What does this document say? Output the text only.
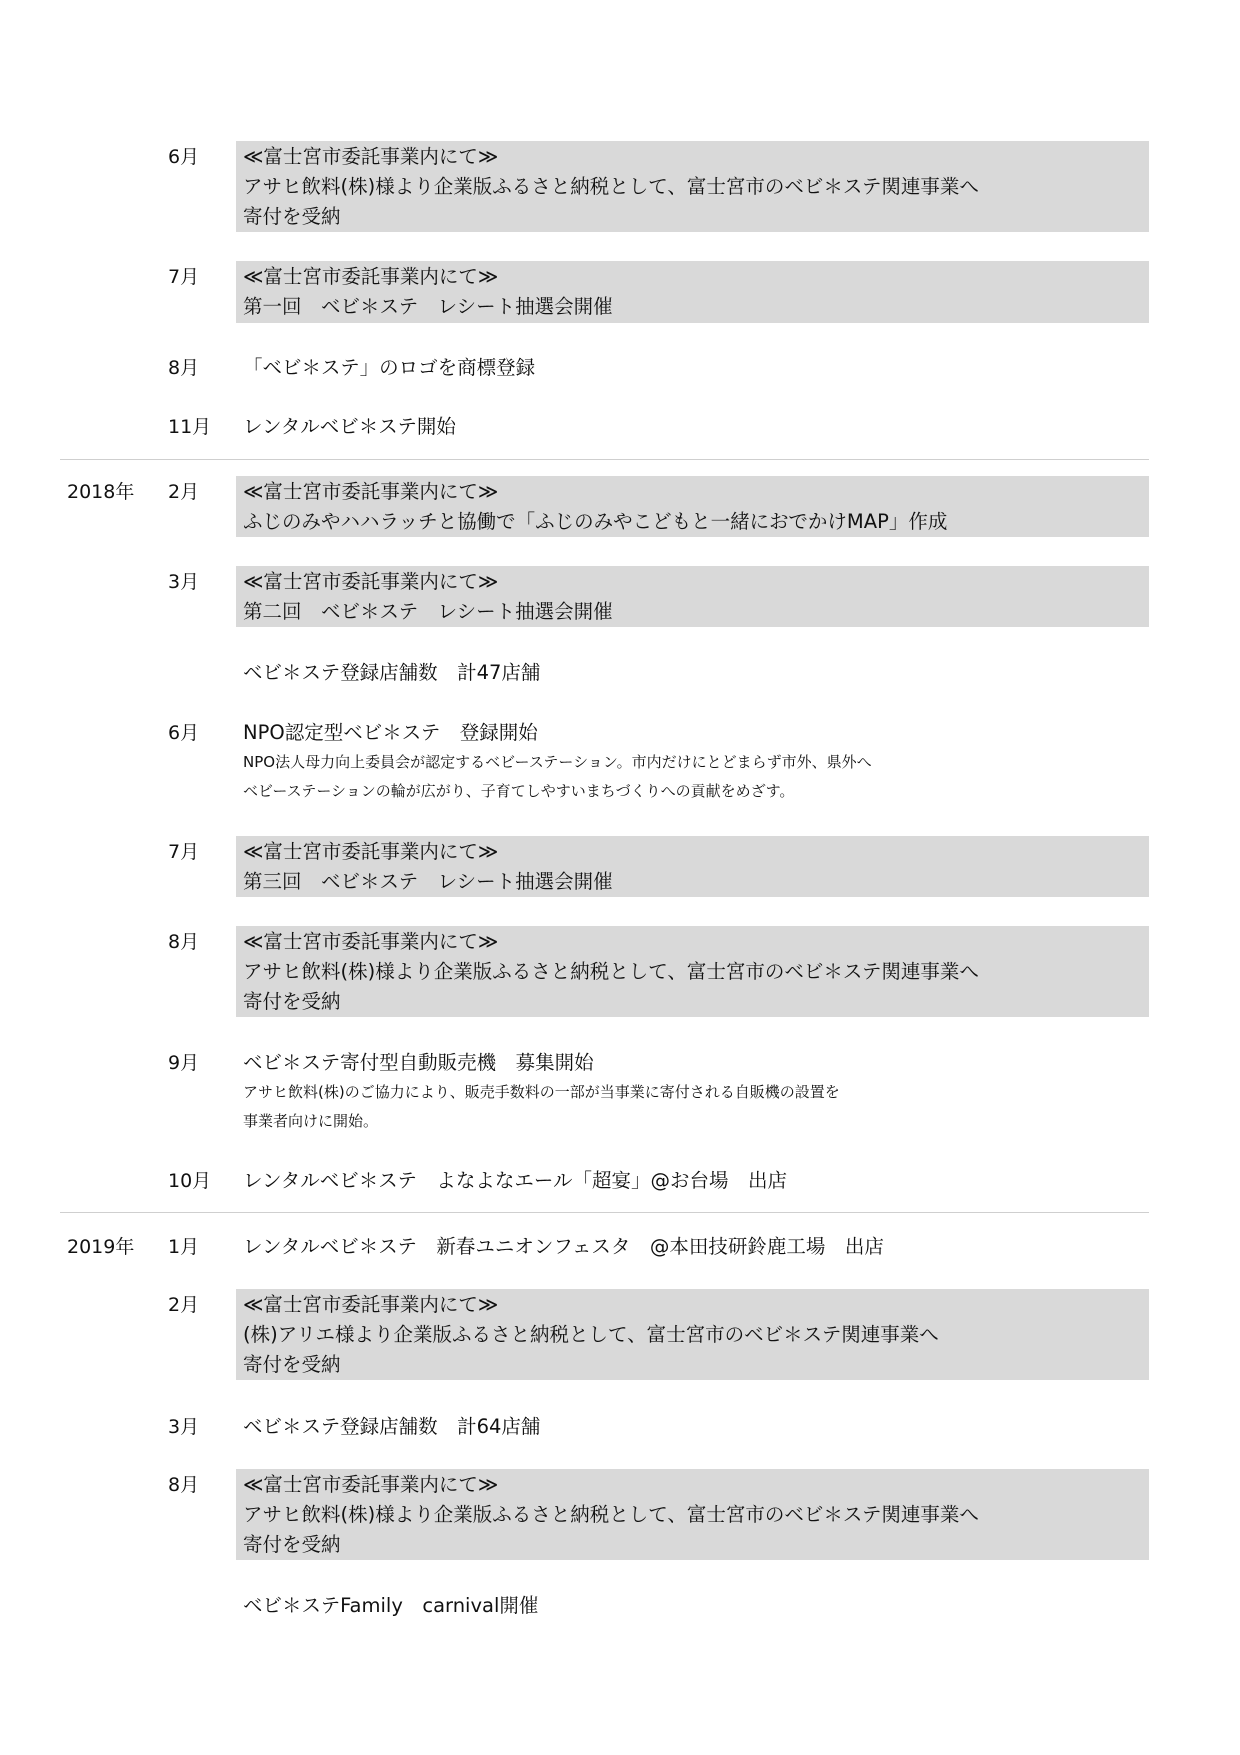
6月 ≪富士宮市委託事業内にて≫
アサヒ飲料(株)様より企業版ふるさと納税として、富士宮市のベビ＊ステ関連事業へ
寄付を受納
7月 ≪富士宮市委託事業内にて≫
第一回　ベビ＊ステ　レシート抽選会開催
8月 「ベビ＊ステ」のロゴを商標登録
11月 レンタルベビ＊ステ開始
2018年 2月 ≪富士宮市委託事業内にて≫
ふじのみやハハラッチと協働で「ふじのみやこどもと一緒におでかけMAP」作成
3月 ≪富士宮市委託事業内にて≫
第二回　ベビ＊ステ　レシート抽選会開催
ベビ＊ステ登録店舗数　計47店舗
6月 NPO認定型ベビ＊ステ　登録開始
NPO法人母力向上委員会が認定するベビーステーション。市内だけにとどまらず市外、県外へ
ベビーステーションの輪が広がり、子育てしやすいまちづくりへの貢献をめざす。
7月 ≪富士宮市委託事業内にて≫
第三回　ベビ＊ステ　レシート抽選会開催
8月 ≪富士宮市委託事業内にて≫
アサヒ飲料(株)様より企業版ふるさと納税として、富士宮市のベビ＊ステ関連事業へ
寄付を受納
9月 ベビ＊ステ寄付型自動販売機　募集開始
アサヒ飲料(株)のご協力により、販売手数料の一部が当事業に寄付される自販機の設置を
事業者向けに開始。
10月 レンタルベビ＊ステ　よなよなエール「超宴」@お台場　出店
2019年 1月 レンタルベビ＊ステ　新春ユニオンフェスタ　@本田技研鈴鹿工場　出店
2月 ≪富士宮市委託事業内にて≫
(株)アリエ様より企業版ふるさと納税として、富士宮市のベビ＊ステ関連事業へ
寄付を受納
3月 ベビ＊ステ登録店舗数　計64店舗
8月 ≪富士宮市委託事業内にて≫
アサヒ飲料(株)様より企業版ふるさと納税として、富士宮市のベビ＊ステ関連事業へ
寄付を受納
ベビ＊ステFamily　carnival開催
